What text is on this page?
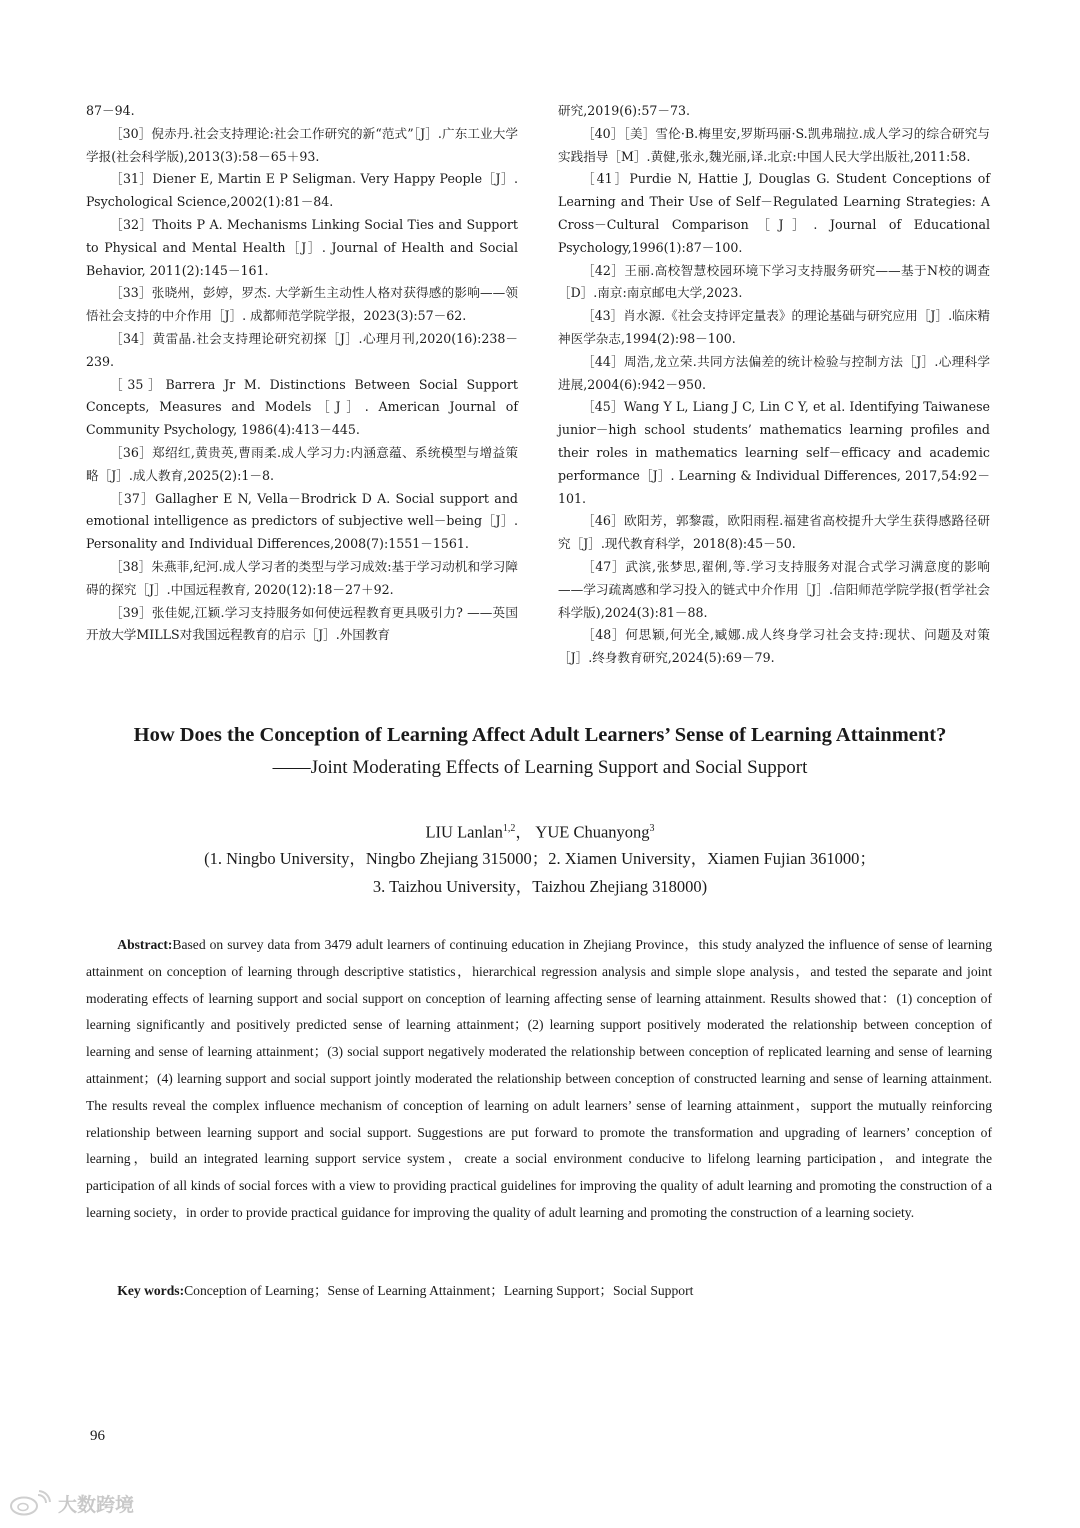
87－94.

［30］倪赤丹.社会支持理论:社会工作研究的新“范式”［J］.广东工业大学学报(社会科学版),2013(3):58－65＋93.

［31］Diener E, Martin E P Seligman. Very Happy People［J］. Psychological Science,2002(1):81－84.

［32］Thoits P A. Mechanisms Linking Social Ties and Support to Physical and Mental Health［J］. Journal of Health and Social Behavior, 2011(2):145－161.

［33］张晓州，彭婷，罗杰. 大学新生主动性人格对获得感的影响——领悟社会支持的中介作用［J］. 成都师范学院学报，2023(3):57－62.

［34］黄雷晶.社会支持理论研究初探［J］.心理月刊,2020(16):238－239.

［35］Barrera Jr M. Distinctions Between Social Support Concepts, Measures and Models［J］. American Journal of Community Psychology, 1986(4):413－445.

［36］郑绍红,黄贵英,曹雨柔.成人学习力:内涵意蕴、系统模型与增益策略［J］.成人教育,2025(2):1－8.

［37］Gallagher E N, Vella－Brodrick D A. Social support and emotional intelligence as predictors of subjective well－being［J］. Personality and Individual Differences,2008(7):1551－1561.

［38］朱燕菲,纪河.成人学习者的类型与学习成效:基于学习动机和学习障碍的探究［J］.中国远程教育, 2020(12):18－27＋92.

［39］张佳妮,江颖.学习支持服务如何使远程教育更具吸引力? ——英国开放大学MILLS对我国远程教育的启示［J］.外国教育

研究,2019(6):57－73.

［40］［美］雪伦·B.梅里安,罗斯玛丽·S.凯弗瑞拉.成人学习的综合研究与实践指导［M］.黄健,张永,魏光丽,译.北京:中国人民大学出版社,2011:58.

［41］Purdie N, Hattie J, Douglas G. Student Conceptions of Learning and Their Use of Self－Regulated Learning Strategies: A Cross－Cultural Comparison［J］. Journal of Educational Psychology,1996(1):87－100.

［42］王丽.高校智慧校园环境下学习支持服务研究——基于N校的调查［D］.南京:南京邮电大学,2023.

［43］肖水源.《社会支持评定量表》的理论基础与研究应用［J］.临床精神医学杂志,1994(2):98－100.

［44］周浩,龙立荣.共同方法偏差的统计检验与控制方法［J］.心理科学进展,2004(6):942－950.

［45］Wang Y L, Liang J C, Lin C Y, et al. Identifying Taiwanese junior－high school students’ mathematics learning profiles and their roles in mathematics learning self－efficacy and academic performance［J］. Learning & Individual Differences, 2017,54:92－101.

［46］欧阳芳，郭黎霞，欧阳雨程.福建省高校提升大学生获得感路径研究［J］.现代教育科学，2018(8):45－50.

［47］武滨,张梦思,翟俐,等.学习支持服务对混合式学习满意度的影响——学习疏离感和学习投入的链式中介作用［J］.信阳师范学院学报(哲学社会科学版),2024(3):81－88.

［48］何思颖,何光全,臧娜.成人终身学习社会支持:现状、问题及对策［J］.终身教育研究,2024(5):69－79.

How Does the Conception of Learning Affect Adult Learners’ Sense of Learning Attainment?
——Joint Moderating Effects of Learning Support and Social Support
LIU Lanlan$^{1,2}$， YUE Chuanyong$^3$
(1. Ningbo University，Ningbo Zhejiang 315000；2. Xiamen University，Xiamen Fujian 361000；
3. Taizhou University，Taizhou Zhejiang 318000)

Abstract:Based on survey data from 3479 adult learners of continuing education in Zhejiang Province，this study analyzed the influence of sense of learning attainment on conception of learning through descriptive statistics，hierarchical regression analysis and simple slope analysis，and tested the separate and joint moderating effects of learning support and social support on conception of learning affecting sense of learning attainment. Results showed that：(1) conception of learning significantly and positively predicted sense of learning attainment；(2) learning support positively moderated the relationship between conception of learning and sense of learning attainment；(3) social support negatively moderated the relationship between conception of replicated learning and sense of learning attainment；(4) learning support and social support jointly moderated the relationship between conception of constructed learning and sense of learning attainment. The results reveal the complex influence mechanism of conception of learning on adult learners’ sense of learning attainment，support the mutually reinforcing relationship between learning support and social support. Suggestions are put forward to promote the transformation and upgrading of learners’ conception of learning，build an integrated learning support service system，create a social environment conducive to lifelong learning participation，and integrate the participation of all kinds of social forces with a view to providing practical guidelines for improving the quality of adult learning and promoting the construction of a learning society，in order to provide practical guidance for improving the quality of adult learning and promoting the construction of a learning society.

Key words:Conception of Learning；Sense of Learning Attainment；Learning Support；Social Support

96
大数跨境
